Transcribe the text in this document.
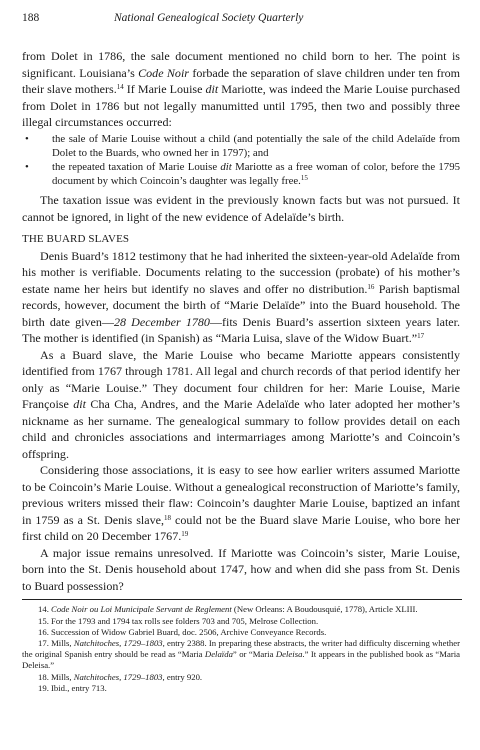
188	National Genealogical Society Quarterly

from Dolet in 1786, the sale document mentioned no child born to her. The point is significant. Louisiana’s Code Noir forbade the separation of slave children under ten from their slave mothers.$^{14}$ If Marie Louise dit Mariotte, was indeed the Marie Louise purchased from Dolet in 1786 but not legally manumitted until 1795, then two and possibly three illegal circumstances occurred:

• the sale of Marie Louise without a child (and potentially the sale of the child Adelaïde from Dolet to the Buards, who owned her in 1797); and
• the repeated taxation of Marie Louise dit Mariotte as a free woman of color, before the 1795 document by which Coincoin’s daughter was legally free.$^{15}$

The taxation issue was evident in the previously known facts but was not pursued. It cannot be ignored, in light of the new evidence of Adelaïde’s birth.

THE BUARD SLAVES

Denis Buard’s 1812 testimony that he had inherited the sixteen-year-old Adelaïde from his mother is verifiable. Documents relating to the succession (probate) of his mother’s estate name her heirs but identify no slaves and offer no distribution.$^{16}$ Parish baptismal records, however, document the birth of “Marie Delaïde” into the Buard household. The birth date given—28 December 1780—fits Denis Buard’s assertion sixteen years later. The mother is identified (in Spanish) as “Maria Luisa, slave of the Widow Buart.”$^{17}$

As a Buard slave, the Marie Louise who became Mariotte appears consistently identified from 1767 through 1781. All legal and church records of that period identify her only as “Marie Louise.” They document four children for her: Marie Louise, Marie Françoise dit Cha Cha, Andres, and the Marie Adelaïde who later adopted her mother’s nickname as her surname. The genealogical summary to follow provides detail on each child and chronicles associations and intermarriages among Mariotte’s and Coincoin’s offspring.

Considering those associations, it is easy to see how earlier writers assumed Mariotte to be Coincoin’s Marie Louise. Without a genealogical reconstruction of Mariotte’s family, previous writers missed their flaw: Coincoin’s daughter Marie Louise, baptized an infant in 1759 as a St. Denis slave,$^{18}$ could not be the Buard slave Marie Louise, who bore her first child on 20 December 1767.19

A major issue remains unresolved. If Mariotte was Coincoin’s sister, Marie Louise, born into the St. Denis household about 1747, how and when did she pass from St. Denis to Buard possession?

14. Code Noir ou Loi Municipale Servant de Reglement (New Orleans: A Boudousquié, 1778), Article XLIII.

15. For the 1793 and 1794 tax rolls see folders 703 and 705, Melrose Collection.

16. Succession of Widow Gabriel Buard, doc. 2506, Archive Conveyance Records.

17. Mills, Natchitoches, 1729–1803, entry 2388. In preparing these abstracts, the writer had difficulty discerning whether the original Spanish entry should be read as “Maria Delaïda” or “Maria Deleisa.” It appears in the published book as “Maria Deleisa.”

18. Mills, Natchitoches, 1729–1803, entry 920.

19. Ibid., entry 713.
